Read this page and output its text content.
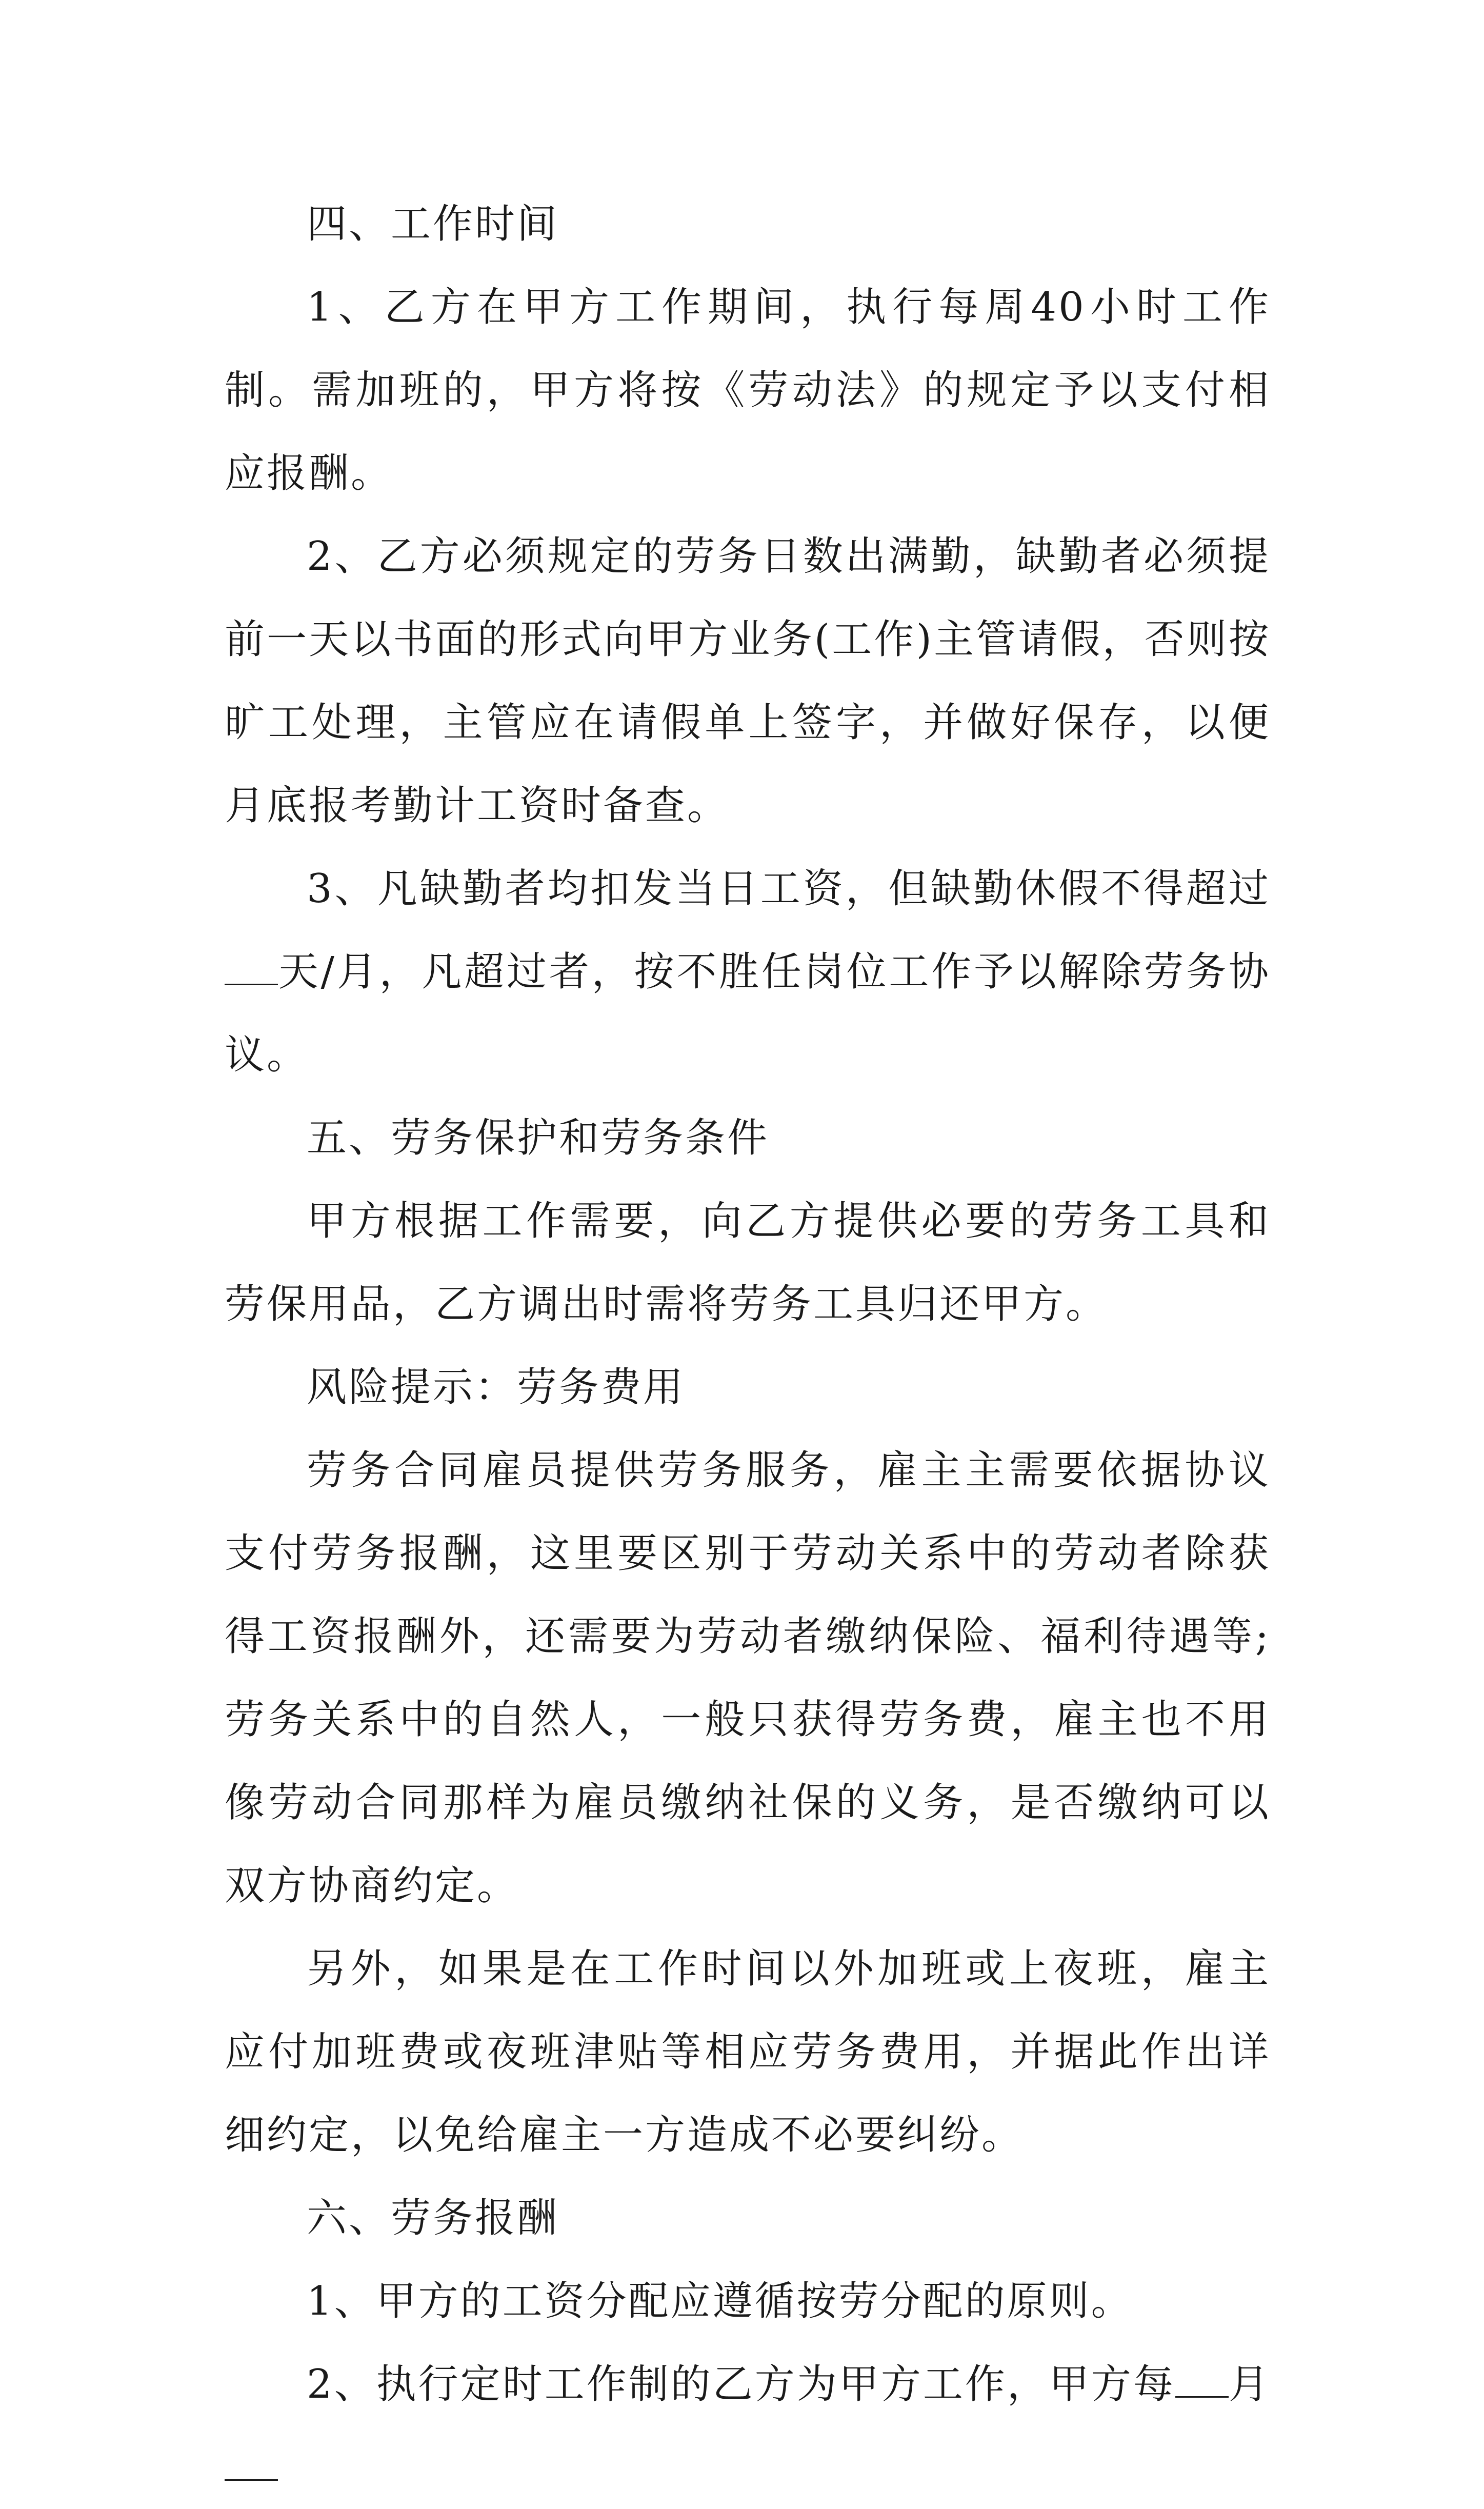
四、工作时间

1、乙方在甲方工作期间，执行每周40小时工作制。需加班的，甲方将按《劳动法》的规定予以支付相应报酬。

2、乙方必须规定的劳务日数出满勤，缺勤者必须提前一天以书面的形式向甲方业务(工作)主管请假，否则按旷工处理，主管应在请假单上签字，并做好保存，以便月底报考勤计工资时备查。

3、凡缺勤者均扣发当日工资，但缺勤休假不得超过天/月，凡超过者，按不胜任岗位工作予以解除劳务协议。

五、劳务保护和劳务条件

甲方根据工作需要，向乙方提供必要的劳务工具和劳保用品，乙方调出时需将劳务工具归还甲方。

风险提示：劳务费用

劳务合同雇员提供劳务服务，雇主主需要依据协议支付劳务报酬，这里要区别于劳动关系中的劳动者除获得工资报酬外，还需要为劳动者缴纳保险、福利待遇等;劳务关系中的自然人，一般只获得劳务费，雇主也不用像劳动合同那样为雇员缴纳社保的义务，是否缴纳可以双方协商约定。

另外，如果是在工作时间以外加班或上夜班，雇主应付加班费或夜班津贴等相应劳务费用，并据此作出详细约定，以免给雇主一方造成不必要纠纷。

六、劳务报酬

1、甲方的工资分配应遵循按劳分配的原则。

2、执行定时工作制的乙方为甲方工作，甲方每 月
